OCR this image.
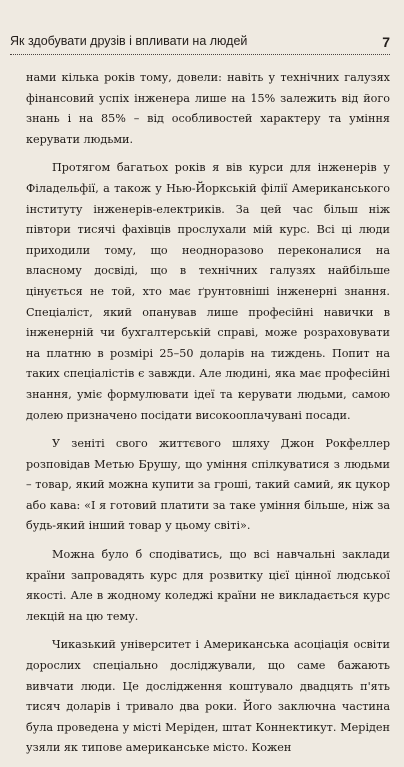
Як здобувати друзів і впливати на людей	7

нами кілька років тому, довели: навіть у технічних галузях фінансовий успіх інженера лише на 15% залежить від його знань і на 85% – від особливостей характеру та уміння керувати людьми.

Протягом багатьох років я вів курси для інженерів у Філадельфії, а також у Нью-Йоркській філії Американського інституту інженерів-електриків. За цей час більш ніж півтори тисячі фахівців прослухали мій курс. Всі ці люди приходили тому, що неодноразово переконалися на власному досвіді, що в технічних галузях найбільше цінується не той, хто має ґрунтовніші інженерні знання. Спеціаліст, який опанував лише професійні навички в інженерній чи бухгалтерській справі, може розраховувати на платню в розмірі 25–50 доларів на тиждень. Попит на таких спеціалістів є завжди. Але людині, яка має професійні знання, уміє формулювати ідеї та керувати людьми, самою долею призначено посідати високооплачувані посади.

У зеніті свого життєвого шляху Джон Рокфеллер розповідав Метью Брушу, що уміння спілкуватися з людьми – товар, який можна купити за гроші, такий самий, як цукор або кава: «І я готовий платити за таке уміння більше, ніж за будь-який інший товар у цьому світі».

Можна було б сподіватись, що всі навчальні заклади країни запровадять курс для розвитку цієї цінної людської якості. Але в жодному коледжі країни не викладається курс лекцій на цю тему.

Чиказький університет і Американська асоціація освіти дорослих спеціально досліджували, що саме бажають вивчати люди. Це дослідження коштувало двадцять п'ять тисяч доларів і тривало два роки. Його заключна частина була проведена у місті Мерiден, штат Коннектикут. Мерiден узяли як типове американське місто. Кожен
